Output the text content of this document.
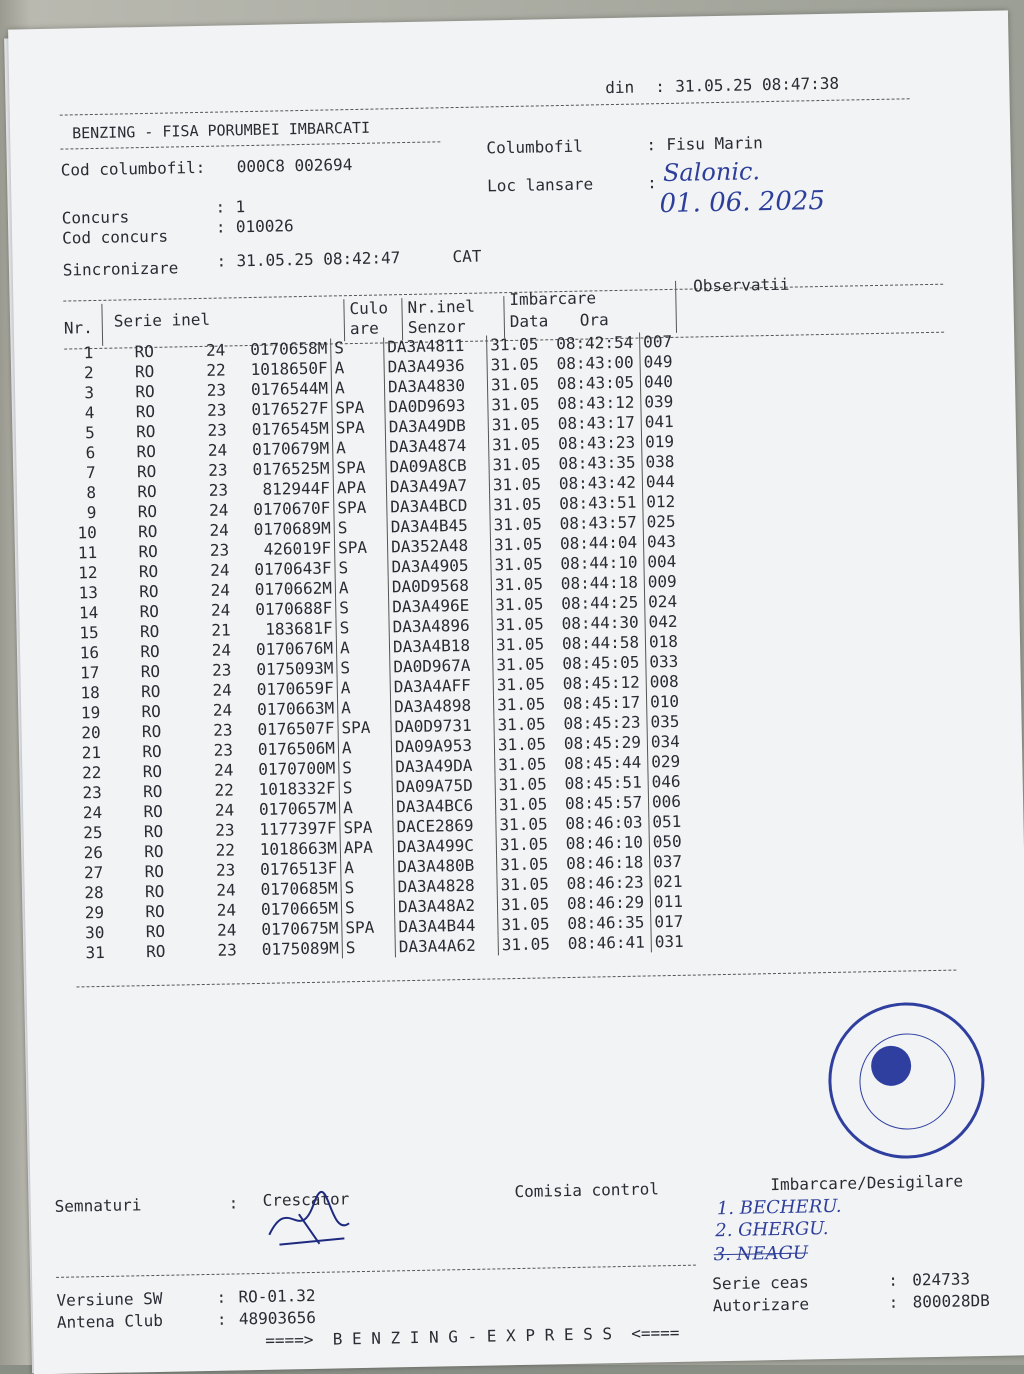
din : 31.05.25 08:47:38
BENZING - FISA PORUMBEI IMBARCATI
Cod columbofil: 000C8 002694
Columbofil	: Fisu Marin
Loc lansare	: Salonic.
01. 06. 2025
Concurs
: 1
Cod concurs	: 010026
Sincronizare : 31.05.25 08:42:47	CAT
Nr. Serie inel
Culo
are
Nr.inel
Senzor
Imbarcare
Data Ora
Observatii
1	RO	24	0170658M	S	DA3A4811	31.05	08:42:54	007
2	RO	22	1018650F	A	DA3A4936	31.05	08:43:00	049
3	RO	23	0176544M	A	DA3A4830	31.05	08:43:05	040
4	RO	23	0176527F	SPA	DA0D9693	31.05	08:43:12	039
5	RO	23	0176545M	SPA	DA3A49DB	31.05	08:43:17	041
6	RO	24	0170679M	A	DA3A4874	31.05	08:43:23	019
7	RO	23	0176525M	SPA	DA09A8CB	31.05	08:43:35	038
8	RO	23	812944F	APA	DA3A49A7	31.05	08:43:42	044
9	RO	24	0170670F	SPA	DA3A4BCD	31.05	08:43:51	012
10	RO	24	0170689M	S	DA3A4B45	31.05	08:43:57	025
11	RO	23	426019F	SPA	DA352A48	31.05	08:44:04	043
12	RO	24	0170643F	S	DA3A4905	31.05	08:44:10	004
13	RO	24	0170662M	A	DA0D9568	31.05	08:44:18	009
14	RO	24	0170688F	S	DA3A496E	31.05	08:44:25	024
15	RO	21	183681F	S	DA3A4896	31.05	08:44:30	042
16	RO	24	0170676M	A	DA3A4B18	31.05	08:44:58	018
17	RO	23	0175093M	S	DA0D967A	31.05	08:45:05	033
18	RO	24	0170659F	A	DA3A4AFF	31.05	08:45:12	008
19	RO	24	0170663M	A	DA3A4898	31.05	08:45:17	010
20	RO	23	0176507F	SPA	DA0D9731	31.05	08:45:23	035
21	RO	23	0176506M	A	DA09A953	31.05	08:45:29	034
22	RO	24	0170700M	S	DA3A49DA	31.05	08:45:44	029
23	RO	22	1018332F	S	DA09A75D	31.05	08:45:51	046
24	RO	24	0170657M	A	DA3A4BC6	31.05	08:45:57	006
25	RO	23	1177397F	SPA	DACE2869	31.05	08:46:03	051
26	RO	22	1018663M	APA	DA3A499C	31.05	08:46:10	050
27	RO	23	0176513F	A	DA3A480B	31.05	08:46:18	037
28	RO	24	0170685M	S	DA3A4828	31.05	08:46:23	021
29	RO	24	0170665M	S	DA3A48A2	31.05	08:46:29	011
30	RO	24	0170675M	SPA	DA3A4B44	31.05	08:46:35	017
31	RO	23	0175089M	S	DA3A4A62	31.05	08:46:41	031
Semnaturi	: Crescator	Comisia control	Imbarcare/Desigilare
1. BECHERU.
2. GHERGU.
3. NEAGU
Versiune SW	: RO-01.32
Antena Club	: 48903656
Serie ceas	: 024733
Autorizare	: 800028DB
====>  B E N Z I N G - E X P R E S S  <====
